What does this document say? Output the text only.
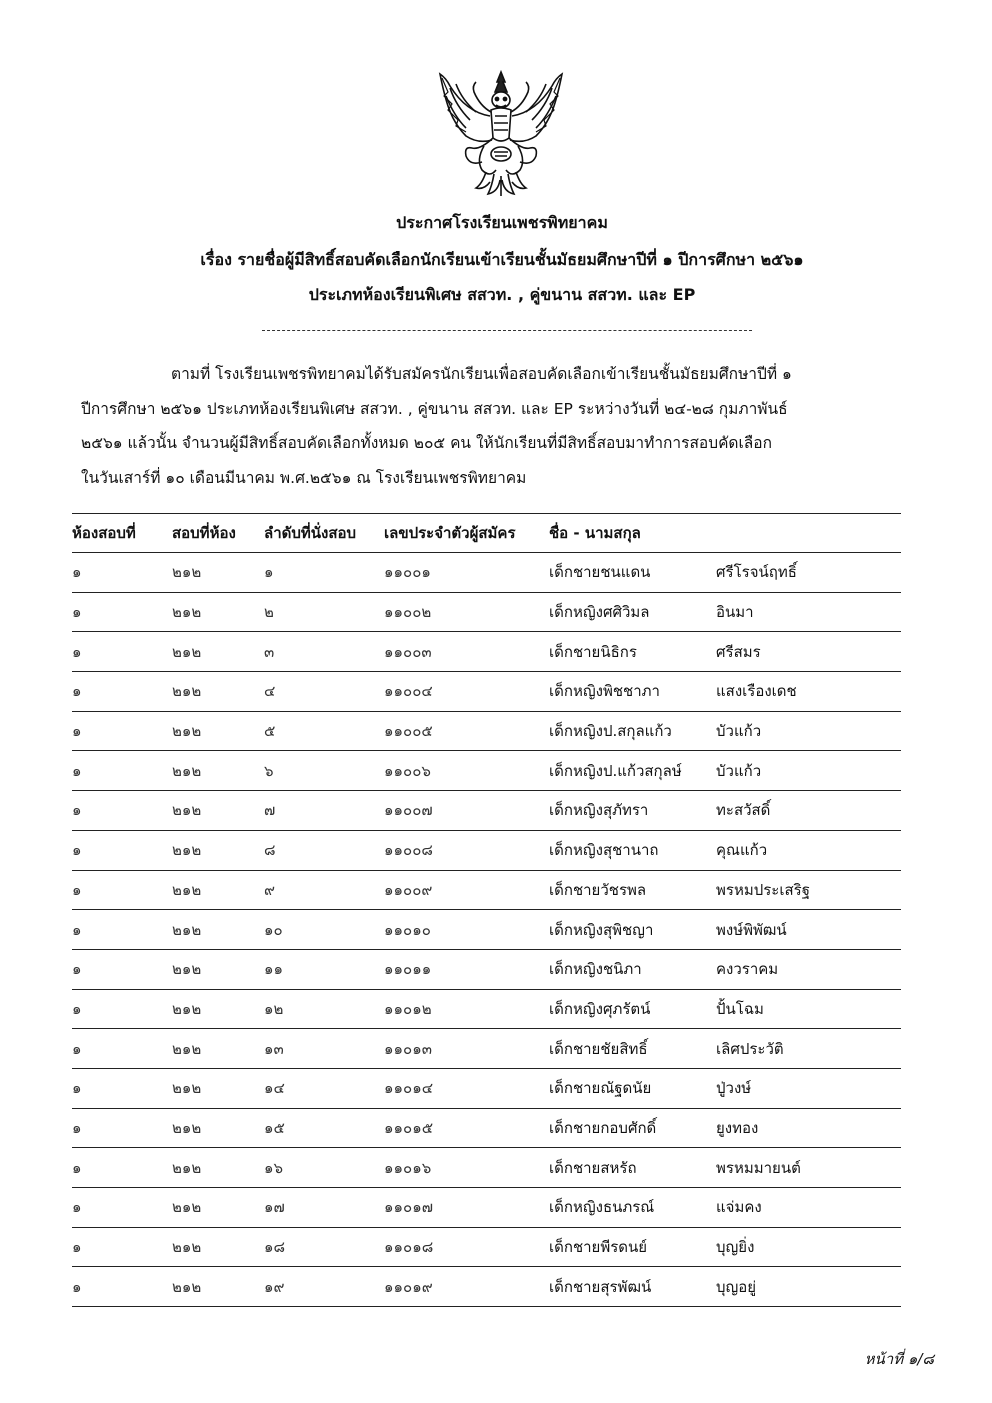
ประกาศโรงเรียนเพชรพิทยาคม
เรื่อง รายชื่อผู้มีสิทธิ์สอบคัดเลือกนักเรียนเข้าเรียนชั้นมัธยมศึกษาปีที่ ๑ ปีการศึกษา ๒๕๖๑
ประเภทห้องเรียนพิเศษ สสวท. , คู่ขนาน สสวท. และ EP
ตามที่ โรงเรียนเพชรพิทยาคมได้รับสมัครนักเรียนเพื่อสอบคัดเลือกเข้าเรียนชั้นมัธยมศึกษาปีที่ ๑
ปีการศึกษา ๒๕๖๑ ประเภทห้องเรียนพิเศษ สสวท. , คู่ขนาน สสวท. และ EP ระหว่างวันที่ ๒๔-๒๘ กุมภาพันธ์
๒๕๖๑ แล้วนั้น จำนวนผู้มีสิทธิ์สอบคัดเลือกทั้งหมด ๒๐๕ คน ให้นักเรียนที่มีสิทธิ์สอบมาทำการสอบคัดเลือก
ในวันเสาร์ที่ ๑๐ เดือนมีนาคม พ.ศ.๒๕๖๑ ณ โรงเรียนเพชรพิทยาคม
ห้องสอบที่	สอบที่ห้อง	ลำดับที่นั่งสอบ	เลขประจำตัวผู้สมัคร	ชื่อ - นามสกุล	
๑	๒๑๒	๑	๑๑๐๐๑	เด็กชายชนแดน	ศรีโรจน์ฤทธิ์
๑	๒๑๒	๒	๑๑๐๐๒	เด็กหญิงศศิวิมล	อินมา
๑	๒๑๒	๓	๑๑๐๐๓	เด็กชายนิธิกร	ศรีสมร
๑	๒๑๒	๔	๑๑๐๐๔	เด็กหญิงพิชชาภา	แสงเรืองเดช
๑	๒๑๒	๕	๑๑๐๐๕	เด็กหญิงป.สกุลแก้ว	บัวแก้ว
๑	๒๑๒	๖	๑๑๐๐๖	เด็กหญิงป.แก้วสกุลษ์	บัวแก้ว
๑	๒๑๒	๗	๑๑๐๐๗	เด็กหญิงสุภัทรา	ทะสวัสดิ์
๑	๒๑๒	๘	๑๑๐๐๘	เด็กหญิงสุชานาถ	คุณแก้ว
๑	๒๑๒	๙	๑๑๐๐๙	เด็กชายวัชรพล	พรหมประเสริฐ
๑	๒๑๒	๑๐	๑๑๐๑๐	เด็กหญิงสุพิชญา	พงษ์พิพัฒน์
๑	๒๑๒	๑๑	๑๑๐๑๑	เด็กหญิงชนิภา	คงวราคม
๑	๒๑๒	๑๒	๑๑๐๑๒	เด็กหญิงศุภรัตน์	ปั้นโฉม
๑	๒๑๒	๑๓	๑๑๐๑๓	เด็กชายชัยสิทธิ์	เลิศประวัติ
๑	๒๑๒	๑๔	๑๑๐๑๔	เด็กชายณัฐดนัย	ปู่วงษ์
๑	๒๑๒	๑๕	๑๑๐๑๕	เด็กชายกอบศักดิ์	ยูงทอง
๑	๒๑๒	๑๖	๑๑๐๑๖	เด็กชายสหรัถ	พรหมมายนต์
๑	๒๑๒	๑๗	๑๑๐๑๗	เด็กหญิงธนภรณ์	แจ่มคง
๑	๒๑๒	๑๘	๑๑๐๑๘	เด็กชายพีรดนย์	บุญยิ่ง
๑	๒๑๒	๑๙	๑๑๐๑๙	เด็กชายสุรพัฒน์	บุญอยู่
หน้าที่ ๑/๘
